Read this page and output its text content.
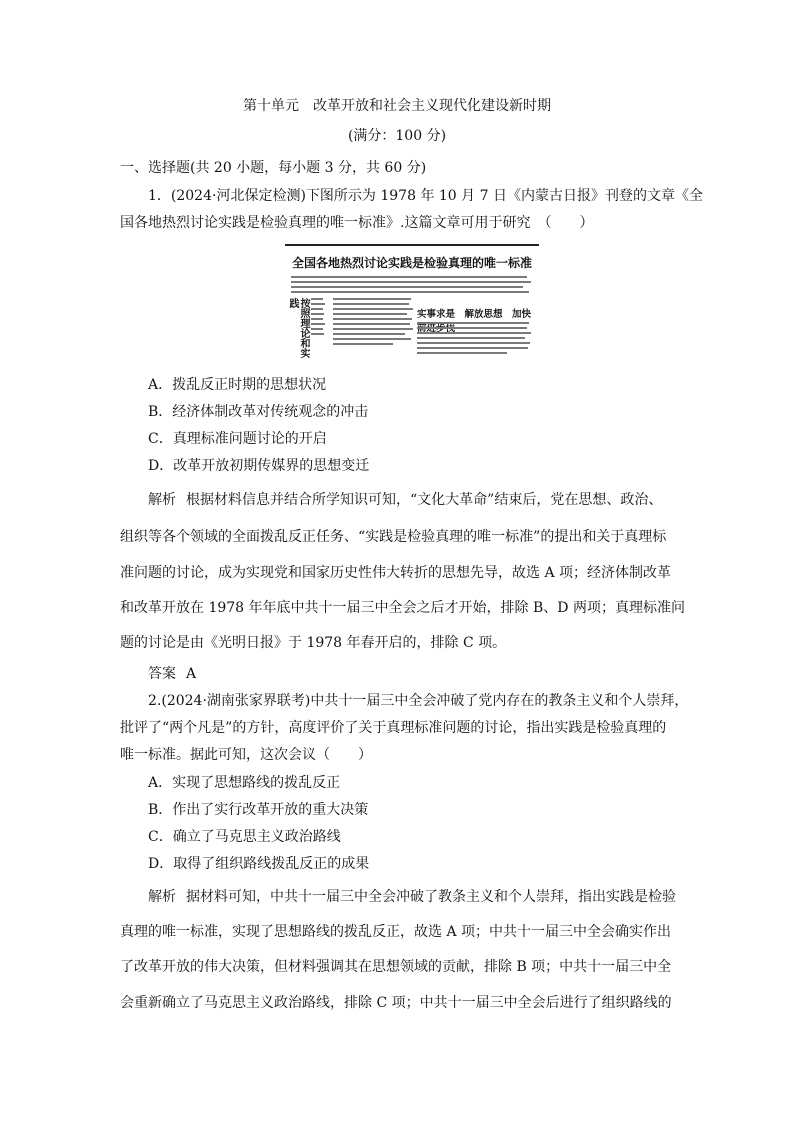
第十单元　改革开放和社会主义现代化建设新时期
(满分：100 分)
一、选择题(共 20 小题，每小题 3 分，共 60 分)
1．(2024·河北保定检测)下图所示为 1978 年 10 月 7 日《内蒙古日报》刊登的文章《全
国各地热烈讨论实践是检验真理的唯一标准》.这篇文章可用于研究　（　　）
全国各地热烈讨论实践是检验真理的唯一标准
按照理论和实践
实事求是　解放思想　加快
A．拨乱反正时期的思想状况
B．经济体制改革对传统观念的冲击
C．真理标准问题讨论的开启
D．改革开放初期传媒界的思想变迁
解析 根据材料信息并结合所学知识可知，“文化大革命”结束后，党在思想、政治、
组织等各个领域的全面拨乱反正任务、“实践是检验真理的唯一标准”的提出和关于真理标
准问题的讨论，成为实现党和国家历史性伟大转折的思想先导，故选 A 项；经济体制改革
和改革开放在 1978 年年底中共十一届三中全会之后才开始，排除 B、D 两项；真理标准问
题的讨论是由《光明日报》于 1978 年春开启的，排除 C 项。
答案 A
2.(2024·湖南张家界联考)中共十一届三中全会冲破了党内存在的教条主义和个人崇拜，
批评了“两个凡是”的方针，高度评价了关于真理标准问题的讨论，指出实践是检验真理的
唯一标准。据此可知，这次会议（　　）
A．实现了思想路线的拨乱反正
B．作出了实行改革开放的重大决策
C．确立了马克思主义政治路线
D．取得了组织路线拨乱反正的成果
解析 据材料可知，中共十一届三中全会冲破了教条主义和个人崇拜，指出实践是检验
真理的唯一标准，实现了思想路线的拨乱反正，故选 A 项；中共十一届三中全会确实作出
了改革开放的伟大决策，但材料强调其在思想领域的贡献，排除 B 项；中共十一届三中全
会重新确立了马克思主义政治路线，排除 C 项；中共十一届三中全会后进行了组织路线的
